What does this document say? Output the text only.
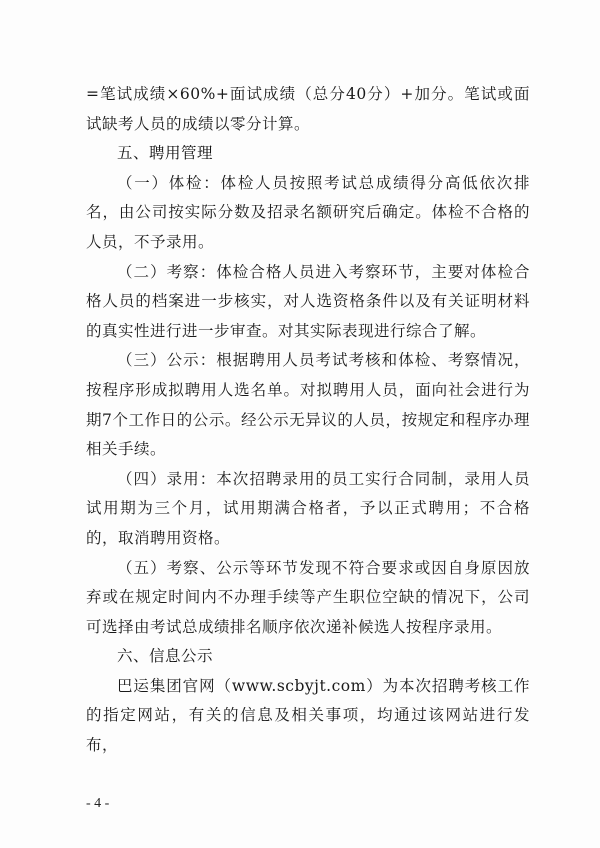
=笔试成绩×60%+面试成绩（总分40分）+加分。笔试或面试缺考人员的成绩以零分计算。

五、聘用管理

（一）体检：体检人员按照考试总成绩得分高低依次排名，由公司按实际分数及招录名额研究后确定。体检不合格的人员，不予录用。

（二）考察：体检合格人员进入考察环节，主要对体检合格人员的档案进一步核实，对人选资格条件以及有关证明材料的真实性进行进一步审查。对其实际表现进行综合了解。

（三）公示：根据聘用人员考试考核和体检、考察情况，按程序形成拟聘用人选名单。对拟聘用人员，面向社会进行为期7个工作日的公示。经公示无异议的人员，按规定和程序办理相关手续。

（四）录用：本次招聘录用的员工实行合同制，录用人员试用期为三个月，试用期满合格者，予以正式聘用；不合格的，取消聘用资格。

（五）考察、公示等环节发现不符合要求或因自身原因放弃或在规定时间内不办理手续等产生职位空缺的情况下，公司可选择由考试总成绩排名顺序依次递补候选人按程序录用。

六、信息公示

巴运集团官网（www.scbyjt.com）为本次招聘考核工作的指定网站，有关的信息及相关事项，均通过该网站进行发布，

- 4 -
